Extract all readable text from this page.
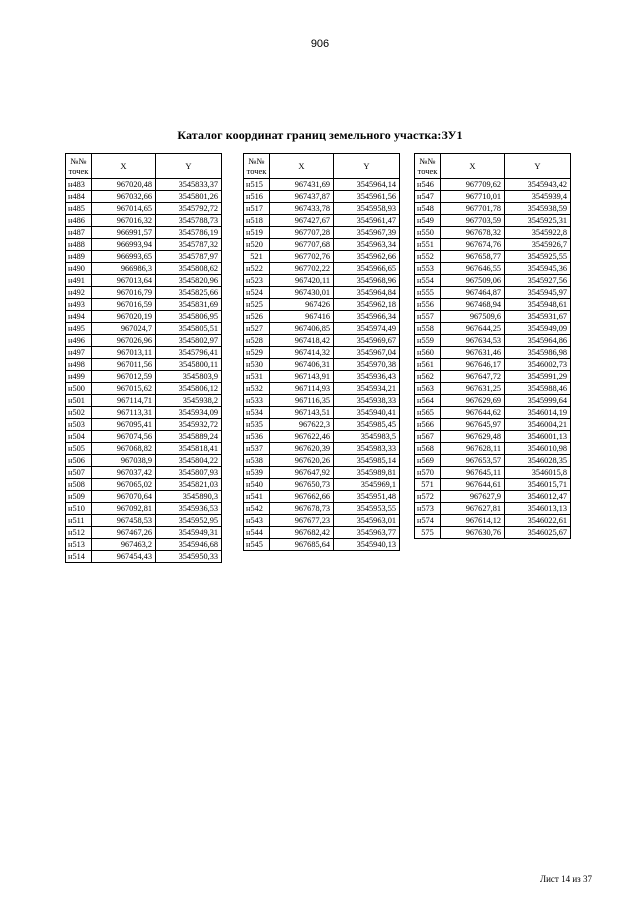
906
Каталог координат границ земельного участка:ЗУ1
№№
точек	X	Y
н483	967020,48	3545833,37
н484	967032,66	3545801,26
н485	967014,65	3545792,72
н486	967016,32	3545788,73
н487	966991,57	3545786,19
н488	966993,94	3545787,32
н489	966993,65	3545787,97
н490	966986,3	3545808,62
н491	967013,64	3545820,96
н492	967016,79	3545825,66
н493	967016,59	3545831,69
н494	967020,19	3545806,95
н495	967024,7	3545805,51
н496	967026,96	3545802,97
н497	967013,11	3545796,41
н498	967011,56	3545800,11
н499	967012,59	3545803,9
н500	967015,62	3545806,12
н501	967114,71	3545938,2
н502	967113,31	3545934,09
н503	967095,41	3545932,72
н504	967074,56	3545889,24
н505	967068,82	3545818,41
н506	967038,9	3545804,22
н507	967037,42	3545807,93
н508	967065,02	3545821,03
н509	967070,64	3545890,3
н510	967092,81	3545936,53
н511	967458,53	3545952,95
н512	967467,26	3545949,31
н513	967463,2	3545946,68
н514	967454,43	3545950,33
№№
точек	X	Y
н515	967431,69	3545964,14
н516	967437,87	3545961,56
н517	967433,78	3545958,93
н518	967427,67	3545961,47
н519	967707,28	3545967,39
н520	967707,68	3545963,34
521	967702,76	3545962,66
н522	967702,22	3545966,65
н523	967420,11	3545968,96
н524	967430,01	3545964,84
н525	967426	3545962,18
н526	967416	3545966,34
н527	967406,85	3545974,49
н528	967418,42	3545969,67
н529	967414,32	3545967,04
н530	967406,31	3545970,38
н531	967143,91	3545936,43
н532	967114,93	3545934,21
н533	967116,35	3545938,33
н534	967143,51	3545940,41
н535	967622,3	3545985,45
н536	967622,46	3545983,5
н537	967620,39	3545983,33
н538	967620,26	3545985,14
н539	967647,92	3545989,81
н540	967650,73	3545969,1
н541	967662,66	3545951,48
н542	967678,73	3545953,55
н543	967677,23	3545963,01
н544	967682,42	3545963,77
н545	967685,64	3545940,13
№№
точек	X	Y
н546	967709,62	3545943,42
н547	967710,01	3545939,4
н548	967701,78	3545938,59
н549	967703,59	3545925,31
н550	967678,32	3545922,8
н551	967674,76	3545926,7
н552	967658,77	3545925,55
н553	967646,55	3545945,36
н554	967509,06	3545927,56
н555	967464,87	3545945,97
н556	967468,94	3545948,61
н557	967509,6	3545931,67
н558	967644,25	3545949,09
н559	967634,53	3545964,86
н560	967631,46	3545986,98
н561	967646,17	3546002,73
н562	967647,72	3545991,29
н563	967631,25	3545988,46
н564	967629,69	3545999,64
н565	967644,62	3546014,19
н566	967645,97	3546004,21
н567	967629,48	3546001,13
н568	967628,11	3546010,98
н569	967653,57	3546028,35
н570	967645,11	3546015,8
571	967644,61	3546015,71
н572	967627,9	3546012,47
н573	967627,81	3546013,13
н574	967614,12	3546022,61
575	967630,76	3546025,67
Лист 14 из 37
